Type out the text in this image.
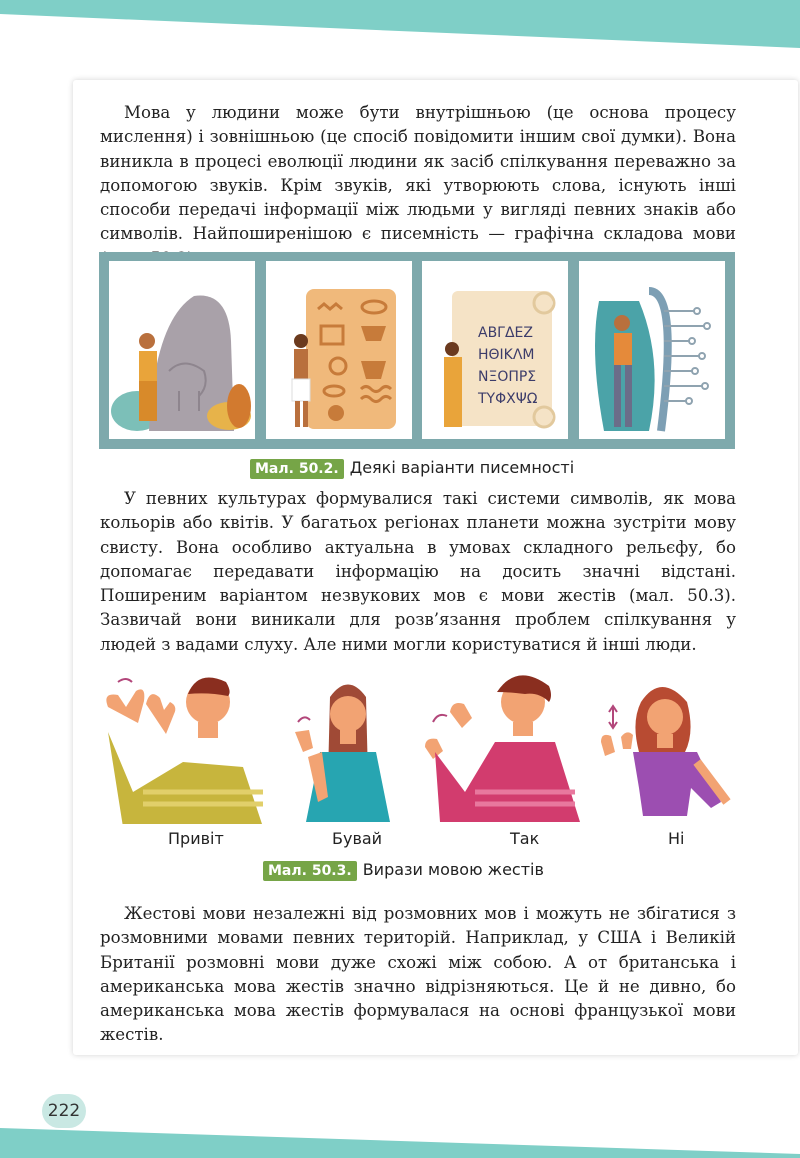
Мова у людини може бути внутрішньою (це основа процесу мислення) і зовнішньою (це спосіб повідомити іншим свої думки). Вона виникла в процесі еволюції людини як засіб спілкування переважно за допомогою звуків. Крім звуків, які утворюють слова, існують інші способи передачі інформації між людьми у вигляді певних знаків або символів. Найпоширенішою є писемність — графічна складова мови

ΑΒΓΔΕΖ
ΗΘΙΚΛΜ
ΝΞΟΠΡΣ
ΤΥΦΧΨΩ
Мал. 50.2. Деякі варіанти писемності

У певних культурах формувалися такі системи символів, як мова кольорів або квітів. У багатьох регіонах планети можна зустріти мову свисту. Вона особливо актуальна в умовах складного рельєфу, бо допомагає передавати інформацію на досить значні відстані. Поширеним варіантом незвукових мов є мови жестів (мал. 50.3). Зазвичай вони виникали для розв’язання проблем спілкування у людей з вадами слуху. Але ними могли користуватися й інші люди.

Привіт	Бувай	Так	Ні
Мал. 50.3. Вирази мовою жестів

Жестові мови незалежні від розмовних мов і можуть не збігатися з розмовними мовами певних територій. Наприклад, у США і Великій Британії розмовні мови дуже схожі між собою. А от британська і американська мова жестів значно відрізняються. Це й не дивно, бо американська мова жестів формувалася на основі французької мови жестів.

222
